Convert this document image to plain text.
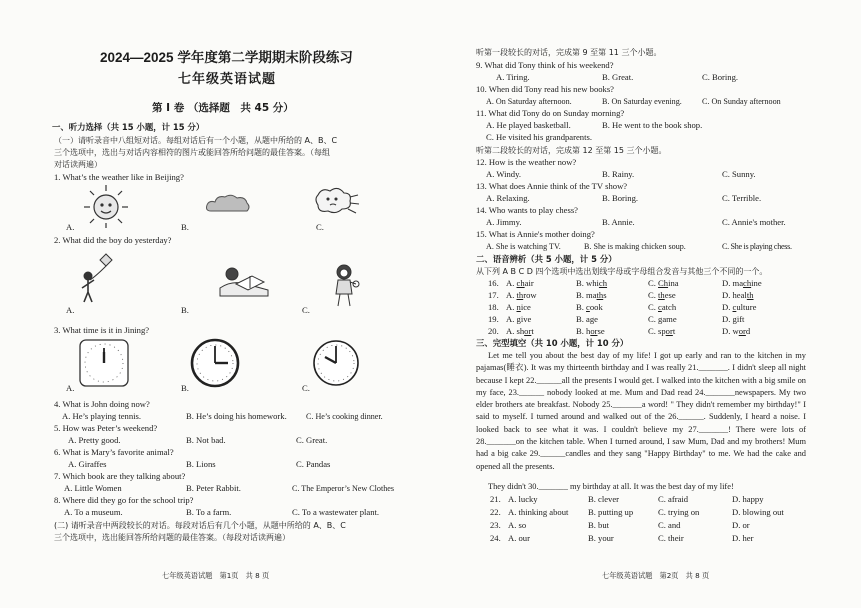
2024—2025 学年度第二学期期末阶段练习
七年级英语试题
第 I 卷 （选择题　共 45 分）
一、听力选择（共 15 小题，计 15 分）
（一）请听录音中八组短对话。每组对话后有一个小题，从题中所给的 A、B、C
三个选项中，选出与对话内容相符的图片或能回答所给问题的最佳答案。（每组
对话读两遍）
1. What’s the weather like in Beijing?
A.	B.	C.
2. What did the boy do yesterday?
A.	B.	C.
3. What time is it in Jining?
A.	B.	C.
4. What is John doing now?
A. He’s playing tennis.	B. He’s doing his homework. C. He’s cooking dinner.
5. How was Peter’s weekend?
A. Pretty good.	B. Not bad.	C. Great.
6. What is Mary’s favorite animal?
A. Giraffes	B. Lions	C. Pandas
7. Which book are they talking about?
A. Little Women	B. Peter Rabbit.	C. The Emperor’s New Clothes
8. Where did they go for the school trip?
A. To a museum.	B. To a farm.	C. To a wastewater plant.
(二) 请听录音中两段较长的对话。每段对话后有几个小题，从题中所给的 A、B、C
三个选项中，选出能回答所给问题的最佳答案。（每段对话读两遍）
七年级英语试题　第1页　共 8 页
听第一段较长的对话，完成第 9 至第 11 三个小题。
9. What did Tony think of his weekend?
A. Tiring.	B. Great.	C. Boring.
10. When did Tony read his new books?
A. On Saturday afternoon.	B. On Saturday evening. C. On Sunday afternoon
11. What did Tony do on Sunday morning?
A. He played basketball.	B. He went to the book shop.
C. He visited his grandparents.
听第二段较长的对话，完成第 12 至第 15 三个小题。
12. How is the weather now?
A. Windy.	B. Rainy.	C. Sunny.
13. What does Annie think of the TV show?
A. Relaxing.	B. Boring.	C. Terrible.
14. Who wants to play chess?
A. Jimmy.	B. Annie.	C. Annie's mother.
15. What is Annie's mother doing?
A. She is watching TV.	B. She is making chicken soup.	C. She is playing chess.
二、语音辨析（共 5 小题，计 5 分）
从下列 A B C D 四个选项中选出划线字母或字母组合发音与其他三个不同的一个。
16. A. chair	B. which	C. China	D. machine
17. A. throw	B. maths	C. these	D. health
18. A. nice	B. cook	C. catch	D. culture
19. A. give	B. age	C. game	D. gift
20. A. short	B. horse	C. sport	D. word
三、完型填空（共 10 小题，计 10 分）
Let me tell you about the best day of my life! I got up early and ran to the kitchen in my pajamas(睡衣). It was my thirteenth birthday and I was really 21._______. I didn't sleep all night because I kept 22.______all the presents I would get. I walked into the kitchen with a big smile on my face, 23.______ nobody looked at me. Mum and Dad read 24._______newspapers. My two elder brothers ate breakfast. Nobody 25._______a word! " They didn't remember my birthday!" I said to myself. I turned around and walked out of the 26.______. Suddenly, I heard a noise. I looked back to see what it was. I couldn't believe my 27._______! There were lots of 28._______on the kitchen table. When I turned around, I saw Mum, Dad and my brothers! Mum had a big cake 29.______candles and they sang "Happy Birthday" to me. We had the cake and opened all the presents.
They didn't 30._______ my birthday at all. It was the best day of my life!
21. A. lucky	B. clever	C. afraid	D. happy
22. A. thinking about B. putting up	C. trying on	D. blowing out
23. A. so	B. but	C. and	D. or
24. A. our	B. your	C. their	D. her
七年级英语试题　第2页　共 8 页
